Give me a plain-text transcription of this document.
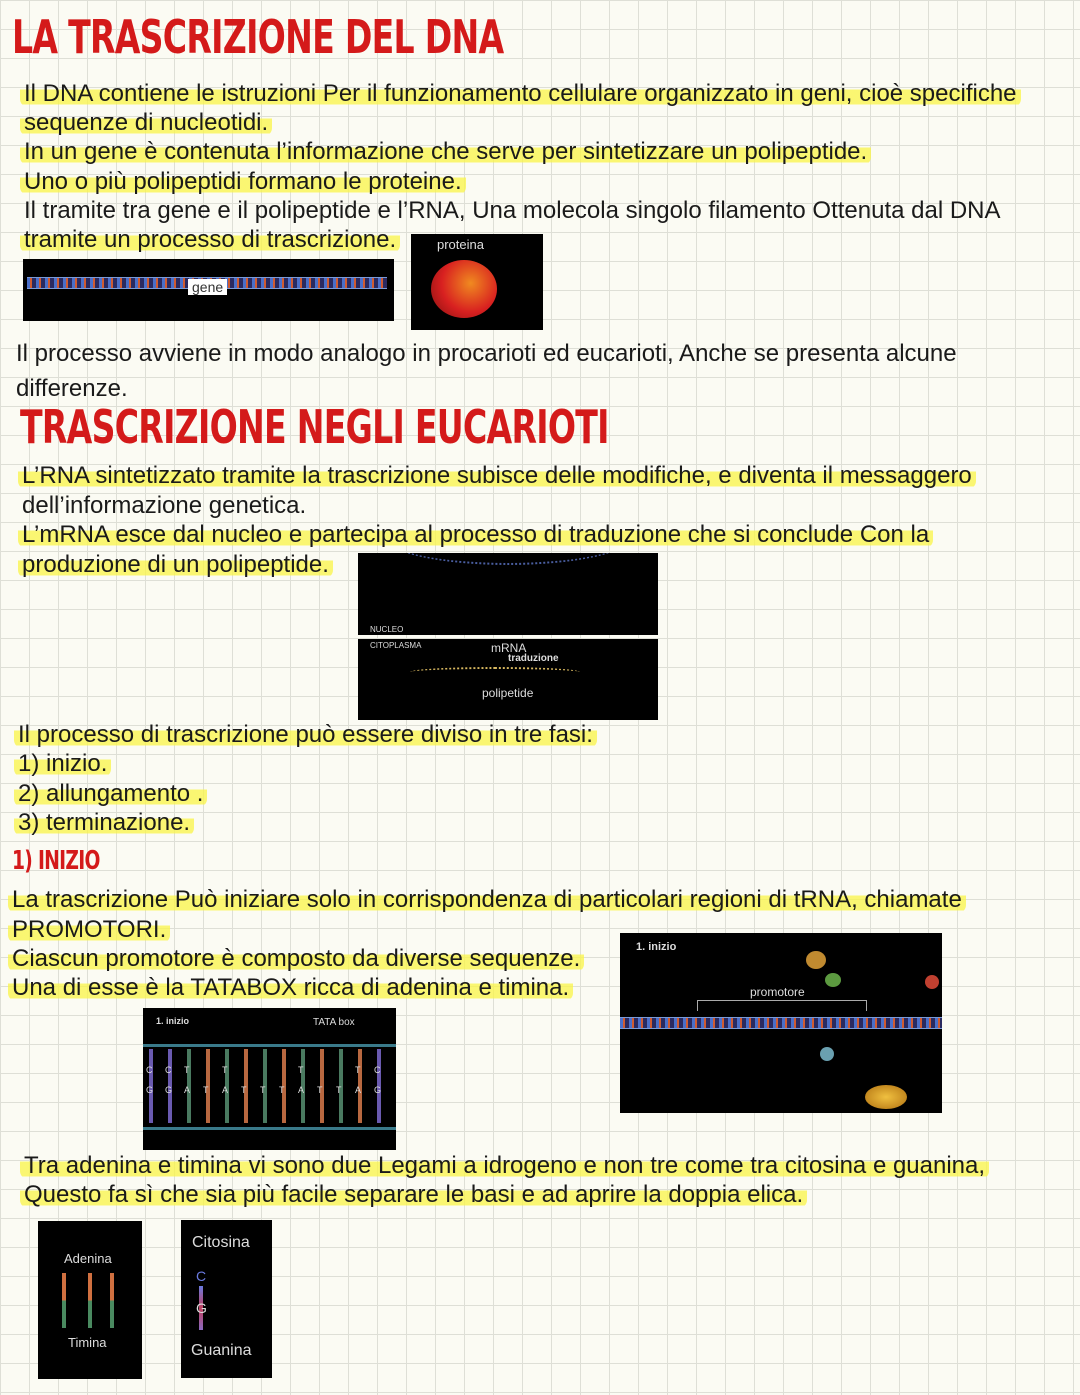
LA TRASCRIZIONE DEL DNA
Il DNA contiene le istruzioni Per il funzionamento cellulare organizzato in geni, cioè specifiche
sequenze di nucleotidi.
In un gene è contenuta l’informazione che serve per sintetizzare un polipeptide.
Uno o più polipeptidi formano le proteine.
Il tramite tra gene e il polipeptide e l’RNA, Una molecola singolo filamento Ottenuta dal DNA
tramite un processo di trascrizione.
gene
proteina
Il processo avviene in modo analogo in procarioti ed eucarioti, Anche se presenta alcune
differenze.
TRASCRIZIONE NEGLI EUCARIOTI
L’RNA sintetizzato tramite la trascrizione subisce delle modifiche, e diventa il messaggero
dell’informazione genetica.
L’mRNA esce dal nucleo e partecipa al processo di traduzione che si conclude Con la
produzione di un polipeptide.
NUCLEO
CITOPLASMA	mRNA
traduzione
polipetide
Il processo di trascrizione può essere diviso in tre fasi:
1) inizio.
2) allungamento .
3) terminazione.
1) INIZIO
La trascrizione Può iniziare solo in corrispondenza di particolari regioni di tRNA, chiamate
PROMOTORI.
Ciascun promotore è composto da diverse sequenze.
Una di esse è la TATABOX ricca di adenina e timina.
1. inizio
promotore
1. inizio	TATA box
C
G
C
G
T
A T
T
A T T T
T
A T T
T
A
C
G
Tra adenina e timina vi sono due Legami a idrogeno e non tre come tra citosina e guanina,
Questo fa sì che sia più facile separare le basi e ad aprire la doppia elica.
Adenina
Timina
Citosina
C
G
Guanina
